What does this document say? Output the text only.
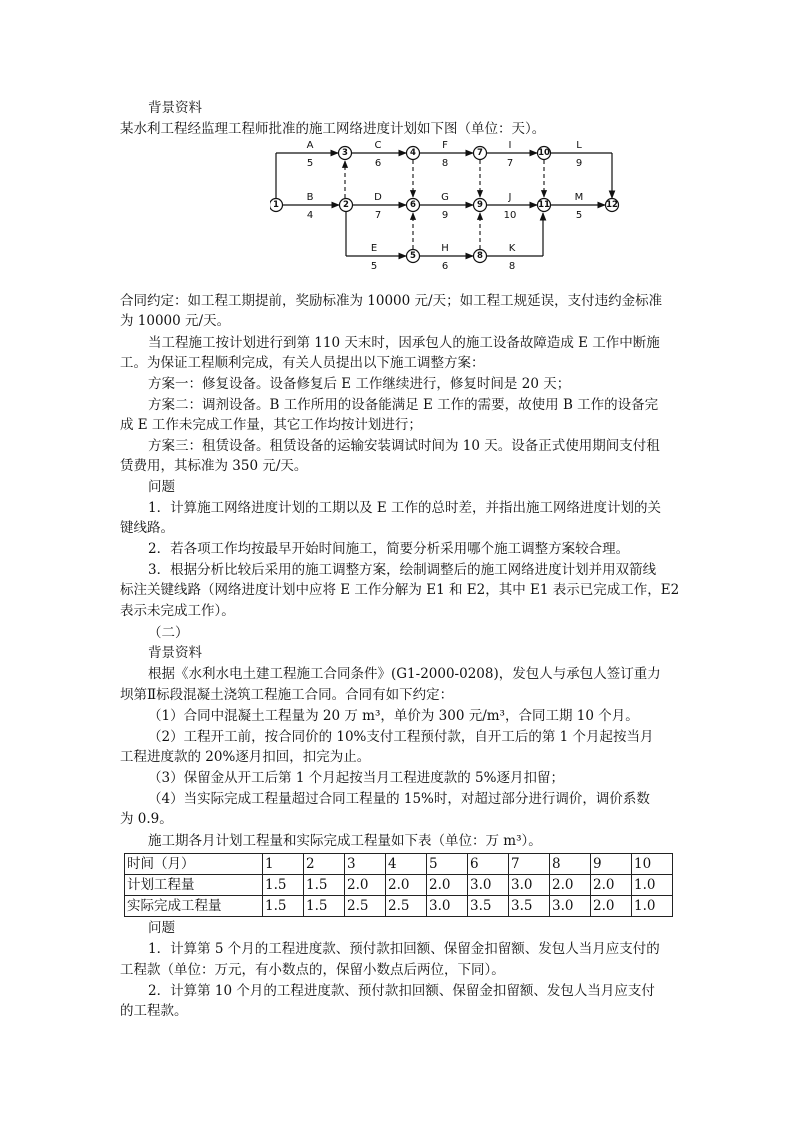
背景资料
某水利工程经监理工程师批准的施工网络进度计划如下图（单位：天）。
1	2
3	4
5
6
7
8
9
10
11	12
A
5
C
6
F
8
I
7
L
9
B
4
D
7
G
9
J
10
M
5
E
5
H
6
K
8
合同约定：如工程工期提前，奖励标准为 10000 元/天；如工程工规延误，支付违约金标准
为 10000 元/天。
当工程施工按计划进行到第 110 天末时，因承包人的施工设备故障造成 E 工作中断施
工。为保证工程顺利完成，有关人员提出以下施工调整方案：
方案一：修复设备。设备修复后 E 工作继续进行，修复时间是 20 天；
方案二：调剂设备。B 工作所用的设备能满足 E 工作的需要，故使用 B 工作的设备完
成 E 工作未完成工作量，其它工作均按计划进行；
方案三：租赁设备。租赁设备的运输安装调试时间为 10 天。设备正式使用期间支付租
赁费用，其标准为 350 元/天。
问题
1．计算施工网络进度计划的工期以及 E 工作的总时差，并指出施工网络进度计划的关
键线路。
2．若各项工作均按最早开始时间施工，简要分析采用哪个施工调整方案较合理。
3．根据分析比较后采用的施工调整方案，绘制调整后的施工网络进度计划并用双箭线
标注关键线路（网络进度计划中应将 E 工作分解为 E1 和 E2，其中 E1 表示已完成工作，E2
表示未完成工作）。
（二）
背景资料
根据《水利水电土建工程施工合同条件》(G1-2000-0208)，发包人与承包人签订重力
坝第Ⅱ标段混凝土浇筑工程施工合同。合同有如下约定：
（1）合同中混凝土工程量为 20 万 m³，单价为 300 元/m³，合同工期 10 个月。
（2）工程开工前，按合同价的 10%支付工程预付款，自开工后的第 1 个月起按当月
工程进度款的 20%逐月扣回，扣完为止。
（3）保留金从开工后第 1 个月起按当月工程进度款的 5%逐月扣留；
（4）当实际完成工程量超过合同工程量的 15%时，对超过部分进行调价，调价系数
为 0.9。
施工期各月计划工程量和实际完成工程量如下表（单位：万 m³）。
时间（月）	1	2	3	4	5	6	7	8	9	10
计划工程量	1.5	1.5	2.0	2.0	2.0	3.0	3.0	2.0	2.0	1.0
实际完成工程量	1.5	1.5	2.5	2.5	3.0	3.5	3.5	3.0	2.0	1.0
问题
1．计算第 5 个月的工程进度款、预付款扣回额、保留金扣留额、发包人当月应支付的
工程款（单位：万元，有小数点的，保留小数点后两位，下同）。
2．计算第 10 个月的工程进度款、预付款扣回额、保留金扣留额、发包人当月应支付
的工程款。
